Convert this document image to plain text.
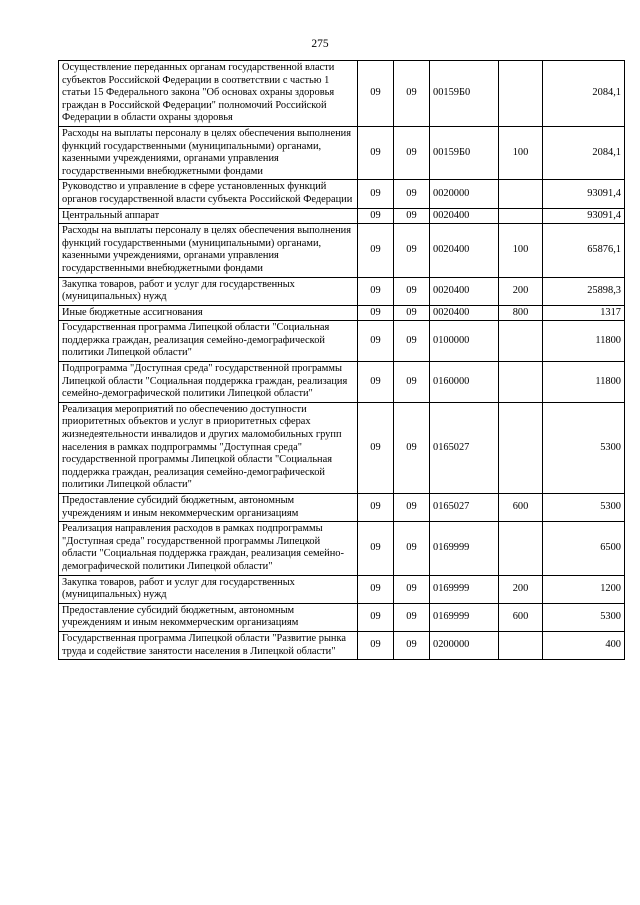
275
Осуществление переданных органам государственной власти субъектов Российской Федерации в соответствии с частью 1 статьи 15 Федерального закона "Об основах охраны здоровья граждан в Российской Федерации" полномочий Российской Федерации в области охраны здоровья	09	09	00159Б0		2084,1
Расходы на выплаты персоналу в целях обеспечения выполнения функций государственными (муниципальными) органами, казенными учреждениями, органами управления государственными внебюджетными фондами	09	09	00159Б0	100	2084,1
Руководство и управление в сфере установленных функций органов государственной власти субъекта Российской Федерации	09	09	0020000		93091,4
Центральный аппарат	09	09	0020400		93091,4
Расходы на выплаты персоналу в целях обеспечения выполнения функций государственными (муниципальными) органами, казенными учреждениями, органами управления государственными внебюджетными фондами	09	09	0020400	100	65876,1
Закупка товаров, работ и услуг для государственных (муниципальных) нужд	09	09	0020400	200	25898,3
Иные бюджетные ассигнования	09	09	0020400	800	1317
Государственная программа Липецкой области "Социальная поддержка граждан, реализация семейно-демографической политики Липецкой области"	09	09	0100000		11800
Подпрограмма "Доступная среда" государственной программы Липецкой области "Социальная поддержка граждан, реализация семейно-демографической политики Липецкой области"	09	09	0160000		11800
Реализация мероприятий по обеспечению доступности приоритетных объектов и услуг в приоритетных сферах жизнедеятельности инвалидов и других маломобильных групп населения в рамках подпрограммы "Доступная среда" государственной программы Липецкой области "Социальная поддержка граждан, реализация семейно-демографической политики Липецкой области"	09	09	0165027		5300
Предоставление субсидий бюджетным, автономным учреждениям и иным некоммерческим организациям	09	09	0165027	600	5300
Реализация направления расходов в рамках подпрограммы "Доступная среда" государственной программы Липецкой области "Социальная поддержка граждан, реализация семейно-демографической политики Липецкой области"	09	09	0169999		6500
Закупка товаров, работ и услуг для государственных (муниципальных) нужд	09	09	0169999	200	1200
Предоставление субсидий бюджетным, автономным учреждениям и иным некоммерческим организациям	09	09	0169999	600	5300
Государственная программа Липецкой области "Развитие рынка труда и содействие занятости населения в Липецкой области"	09	09	0200000		400
